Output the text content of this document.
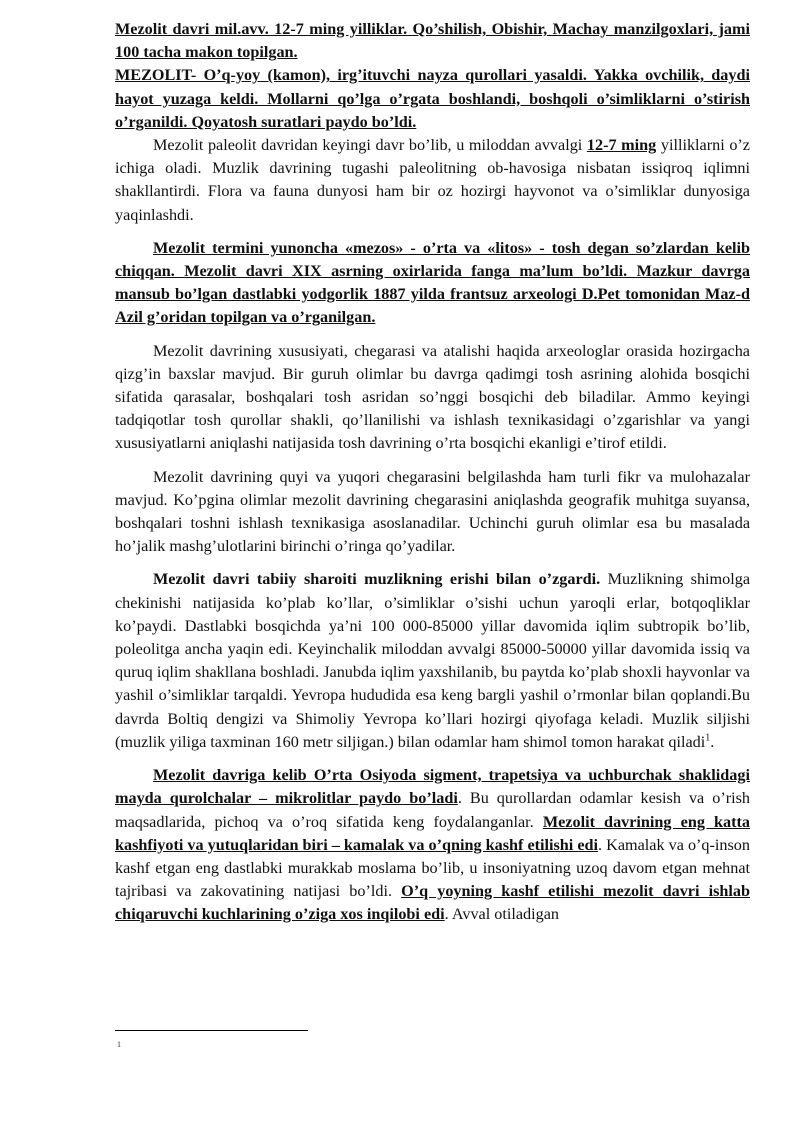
Mezolit davri mil.avv. 12-7 ming yilliklar. Qo’shilish, Obishir, Machay manzilgoxlari, jami 100 tacha makon topilgan.

MEZOLIT- O’q-yoy (kamon), irg’ituvchi nayza qurollari yasaldi. Yakka ovchilik, daydi hayot yuzaga keldi. Mollarni qo’lga o’rgata boshlandi, boshqoli o’simliklarni o’stirish o’rganildi. Qoyatosh suratlari paydo bo’ldi.

Mezolit paleolit davridan keyingi davr bo’lib, u miloddan avvalgi 12-7 ming yilliklarni o’z ichiga oladi. Muzlik davrining tugashi paleolitning ob-havosiga nisbatan issiqroq iqlimni shakllantirdi. Flora va fauna dunyosi ham bir oz hozirgi hayvonot va o’simliklar dunyosiga yaqinlashdi.

Mezolit termini yunoncha «mezos» - o’rta va «litos» - tosh degan so’zlardan kelib chiqqan. Mezolit davri XIX asrning oxirlarida fanga ma’lum bo’ldi. Mazkur davrga mansub bo’lgan dastlabki yodgorlik 1887 yilda frantsuz arxeologi D.Pet tomonidan Maz-d Azil g’oridan topilgan va o’rganilgan.

Mezolit davrining xususiyati, chegarasi va atalishi haqida arxeologlar orasida hozirgacha qizg’in baxslar mavjud. Bir guruh olimlar bu davrga qadimgi tosh asrining alohida bosqichi sifatida qarasalar, boshqalari tosh asridan so’nggi bosqichi deb biladilar. Ammo keyingi tadqiqotlar tosh qurollar shakli, qo’llanilishi va ishlash texnikasidagi o’zgarishlar va yangi xususiyatlarni aniqlashi natijasida tosh davrining o’rta bosqichi ekanligi e’tirof etildi.

Mezolit davrining quyi va yuqori chegarasini belgilashda ham turli fikr va mulohazalar mavjud. Ko’pgina olimlar mezolit davrining chegarasini aniqlashda geografik muhitga suyansa, boshqalari toshni ishlash texnikasiga asoslanadilar. Uchinchi guruh olimlar esa bu masalada ho’jalik mashg’ulotlarini birinchi o’ringa qo’yadilar.

Mezolit davri tabiiy sharoiti muzlikning erishi bilan o’zgardi. Muzlikning shimolga chekinishi natijasida ko’plab ko’llar, o’simliklar o’sishi uchun yaroqli erlar, botqoqliklar ko’paydi. Dastlabki bosqichda ya’ni 100 000-85000 yillar davomida iqlim subtropik bo’lib, poleolitga ancha yaqin edi. Keyinchalik miloddan avvalgi 85000-50000 yillar davomida issiq va quruq iqlim shakllana boshladi. Janubda iqlim yaxshilanib, bu paytda ko’plab shoxli hayvonlar va yashil o’simliklar tarqaldi. Yevropa hududida esa keng bargli yashil o’rmonlar bilan qoplandi.Bu davrda Boltiq dengizi va Shimoliy Yevropa ko’llari hozirgi qiyofaga keladi. Muzlik siljishi (muzlik yiliga taxminan 160 metr siljigan.) bilan odamlar ham shimol tomon harakat qiladi$^1$.

Mezolit davriga kelib O’rta Osiyoda sigment, trapetsiya va uchburchak shaklidagi mayda qurolchalar – mikrolitlar paydo bo’ladi. Bu qurollardan odamlar kesish va o’rish maqsadlarida, pichoq va o’roq sifatida keng foydalanganlar. Mezolit davrining eng katta kashfiyoti va yutuqlaridan biri – kamalak va o’qning kashf etilishi edi. Kamalak va o’q-inson kashf etgan eng dastlabki murakkab moslama bo’lib, u insoniyatning uzoq davom etgan mehnat tajribasi va zakovatining natijasi bo’ldi. O’q yoyning kashf etilishi mezolit davri ishlab chiqaruvchi kuchlarining o’ziga xos inqilobi edi. Avval otiladigan

1
